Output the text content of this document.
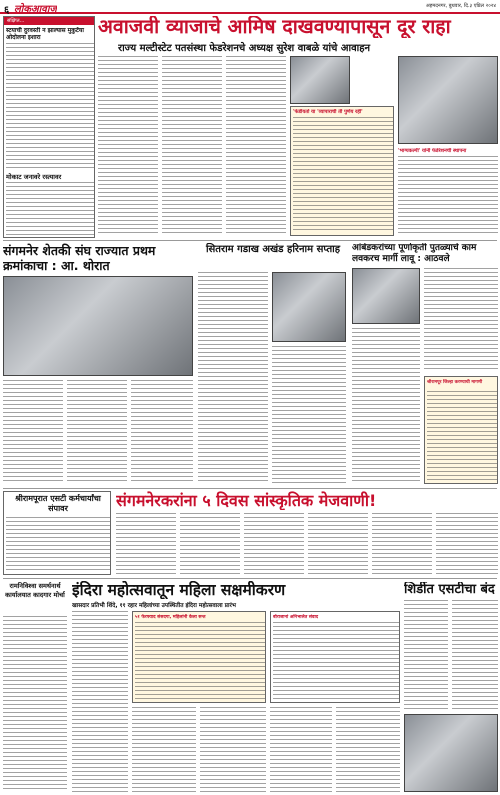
६ लोकआवाज	अहमदनगर, बुधवार, दि.३ एप्रिल २०२४
संक्षिप्त...
स्टयाची दुरवस्ती न झाल्यास मुकुर्टेया ओदोलना इशारा
मोकाट जनावरे रस्त्यावर
अवाजवी व्याजाचे आमिष दाखवण्यापासून दूर राहा
राज्य मल्टीस्टेट पतसंस्था फेडरेशनचे अध्यक्ष सुरेश वाबळे यांचे आवाहन
'फेडीयर्ता या 'व्यापाराची ती पुर्णेय रही'
'भाग्यकल्पी' यांनी फेडेरेशनची स्थापना
संगमनेर शेतकी संघ राज्यात प्रथम क्रमांकाचा : आ. थोरात
सितराम गडाख अखंड हरिनाम सप्ताह	आंबेडकरांच्या पूर्णाकृती पुतळ्याचे काम लवकरच मार्गी लावू : आठवले
श्रीरामपूर जिल्हा करण्याची मागणी
श्रीरामपूरात एसटी कर्मचार्यांचा संपावर	संगमनेरकरांना ५ दिवस सांस्कृतिक मेजवाणी!
रामनिविश्वा समर्थनार्थ कार्यालयात कादगार मोर्चा इंदिरा महोत्सवातून महिला सक्षमीकरण
खासदार प्रतिभी शिंदे, ११ रहार महिलांच्या उपस्थितीत इंदिरा महोत्सवाला प्रारंभ
५१ फेरफ्याद संसदगा, महिलांनी केला सन्त	बोराजानां अनिभालेत संवाद
शिर्डीत एसटीचा बंद
